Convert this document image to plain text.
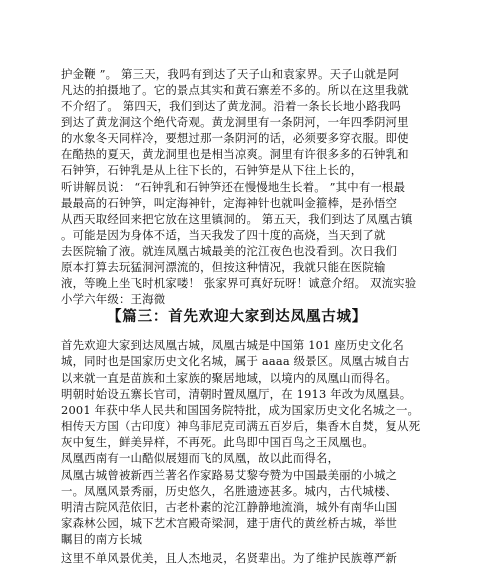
护金鞭 ”。 第三天，我吗有到达了天子山和袁家界。天子山就是阿
凡达的拍摄地了。它的景点其实和黄石寨差不多的。所以在这里我就
不介绍了。 第四天，我们到达了黄龙洞。沿着一条长长地小路我吗
到达了黄龙洞这个绝代奇观。黄龙洞里有一条阴河，一年四季阴河里
的水象冬天同样冷，要想过那一条阴河的话，必须要多穿衣服。即使
在酷热的夏天，黄龙洞里也是相当凉爽。洞里有许很多多的石钟乳和
石钟笋，石钟乳是从上往下长的，石钟笋是从下往上长的，
听讲解员说： “石钟乳和石钟笋还在慢慢地生长着。 ”其中有一根最
最最高的石钟笋，叫定海神针，定海神针也就叫金箍棒，是孙悟空
从西天取经回来把它放在这里镇洞的。 第五天，我们到达了凤凰古镇
。可能是因为身体不适，当天我发了四十度的高烧，当天到了就
去医院输了液。就连凤凰古城最美的沱江夜色也没看到。次日我们
原本打算去玩猛洞河漂流的，但按这种情况，我就只能在医院输
液，等晚上坐飞时机家喽！ 张家界可真好玩呀！诚意介绍。 双流实验
小学六年级：王海微
【篇三：首先欢迎大家到达凤凰古城】
首先欢迎大家到达凤凰古城，凤凰古城是中国第 101 座历史文化名
城，同时也是国家历史文化名城，属于 aaaa 级景区。凤凰古城自古
以来就一直是苗族和土家族的聚居地域，以境内的凤凰山而得名。
明朝时始设五寨长官司，清朝时置凤凰厅，在 1913 年改为凤凰县。
2001 年获中华人民共和国国务院特批，成为国家历史文化名城之一。
相传天方国（古印度）神鸟菲尼克司满五百岁后，集香木自焚，复从死
灰中复生，鲜美异样，不再死。此鸟即中国百鸟之王凤凰也。
凤凰西南有一山酷似展翅而飞的凤凰，故以此而得名，
凤凰古城曾被新西兰著名作家路易艾黎夸赞为中国最美丽的小城之
一。凤凰风景秀丽，历史悠久，名胜遗迹甚多。城内，古代城楼、
明清古院风范依旧，古老朴素的沱江静静地流淌，城外有南华山国
家森林公园，城下艺术宫殿奇梁洞，建于唐代的黄丝桥古城，举世
瞩目的南方长城
这里不单风景优美，且人杰地灵，名贤辈出。为了维护民族尊严新
